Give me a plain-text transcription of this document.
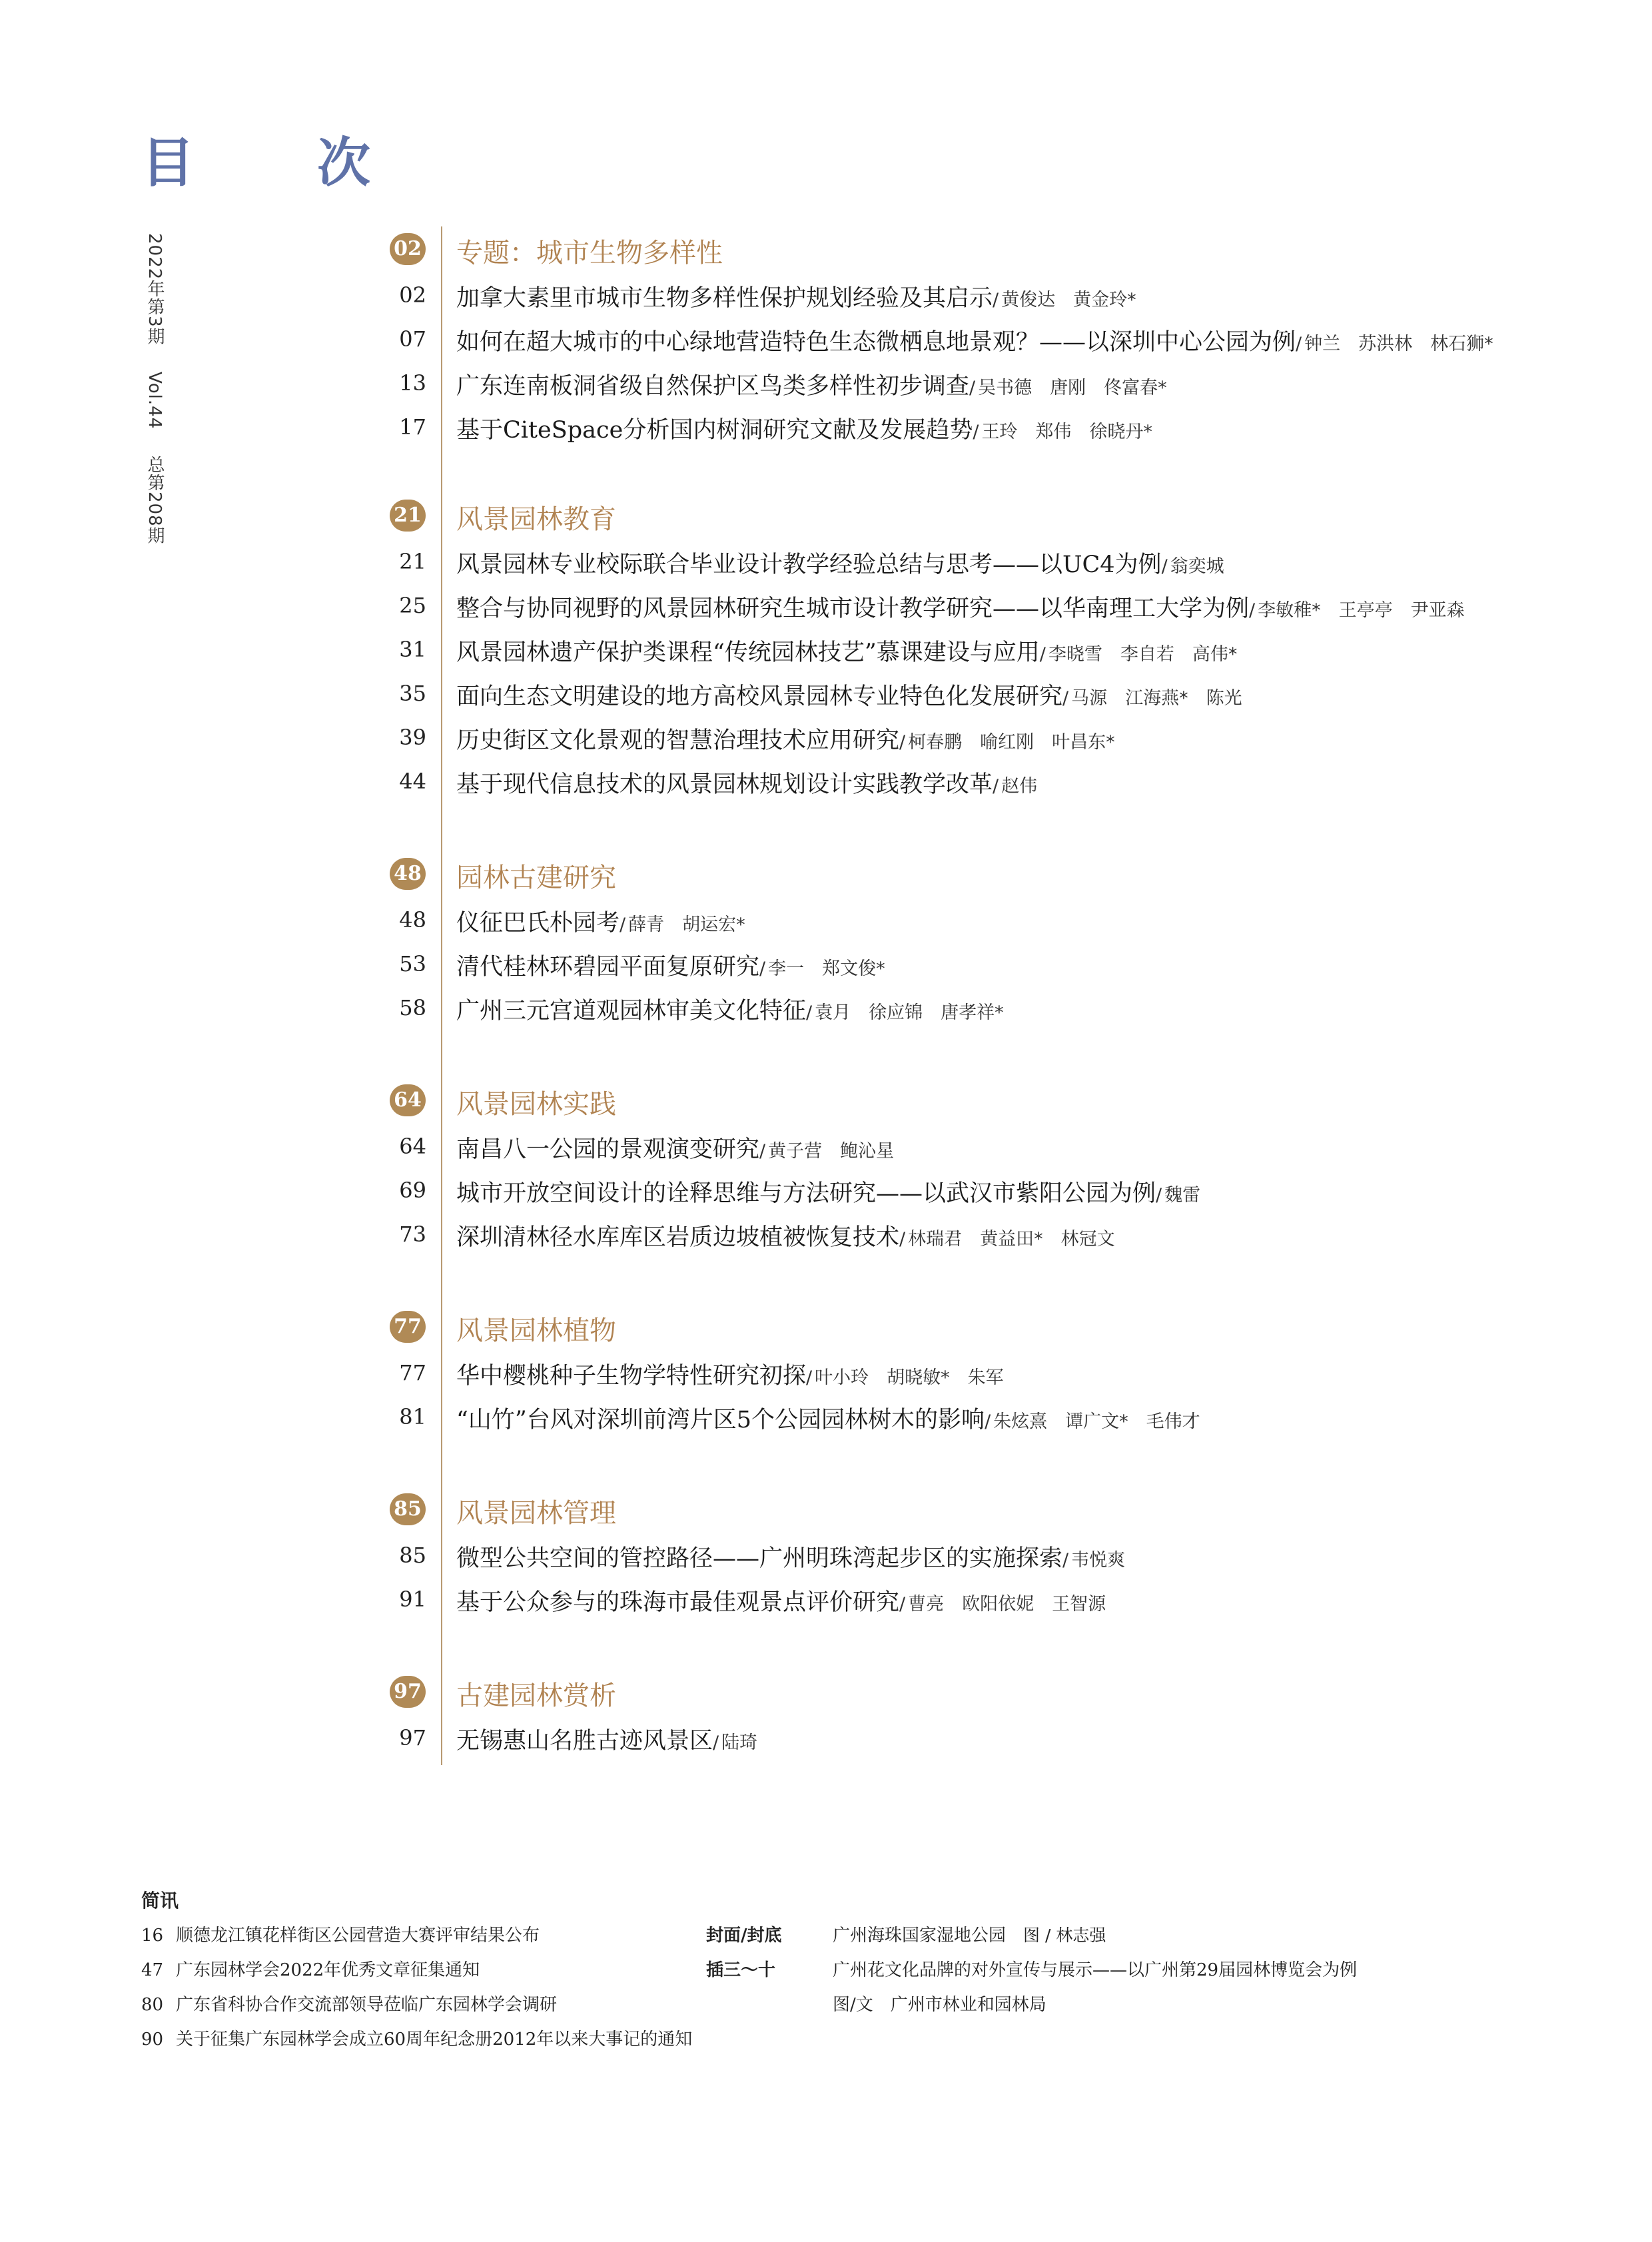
目　次
2022年第3期 Vol.44 总第208期
02 专题：城市生物多样性
02 加拿大素里市城市生物多样性保护规划经验及其启示 / 黄俊达　黄金玲*
07 如何在超大城市的中心绿地营造特色生态微栖息地景观？——以深圳中心公园为例 / 钟兰　苏洪林　林石狮*
13 广东连南板洞省级自然保护区鸟类多样性初步调查 / 吴书德　唐刚　佟富春*
17 基于CiteSpace分析国内树洞研究文献及发展趋势 / 王玲　郑伟　徐晓丹*
21 风景园林教育
21 风景园林专业校际联合毕业设计教学经验总结与思考——以UC4为例 / 翁奕城
25 整合与协同视野的风景园林研究生城市设计教学研究——以华南理工大学为例 / 李敏稚*　王亭亭　尹亚森
31 风景园林遗产保护类课程“传统园林技艺”慕课建设与应用 / 李晓雪　李自若　高伟*
35 面向生态文明建设的地方高校风景园林专业特色化发展研究 / 马源　江海燕*　陈光
39 历史街区文化景观的智慧治理技术应用研究 / 柯春鹏　喻红刚　叶昌东*
44 基于现代信息技术的风景园林规划设计实践教学改革 / 赵伟
48 园林古建研究
48 仪征巴氏朴园考 / 薛青　胡运宏*
53 清代桂林环碧园平面复原研究 / 李一　郑文俊*
58 广州三元宫道观园林审美文化特征 / 袁月　徐应锦　唐孝祥*
64 风景园林实践
64 南昌八一公园的景观演变研究 / 黄子营　鲍沁星
69 城市开放空间设计的诠释思维与方法研究——以武汉市紫阳公园为例 / 魏雷
73 深圳清林径水库库区岩质边坡植被恢复技术 / 林瑞君　黄益田*　林冠文
77 风景园林植物
77 华中樱桃种子生物学特性研究初探 / 叶小玲　胡晓敏*　朱军
81 “山竹”台风对深圳前湾片区5个公园园林树木的影响 / 朱炫熹　谭广文*　毛伟才
85 风景园林管理
85 微型公共空间的管控路径——广州明珠湾起步区的实施探索 / 韦悦爽
91 基于公众参与的珠海市最佳观景点评价研究 / 曹亮　欧阳依妮　王智源
97 古建园林赏析
97 无锡惠山名胜古迹风景区 / 陆琦
简讯
16 顺德龙江镇花样街区公园营造大赛评审结果公布
47 广东园林学会2022年优秀文章征集通知
80 广东省科协合作交流部领导莅临广东园林学会调研
90 关于征集广东园林学会成立60周年纪念册2012年以来大事记的通知
封面/封底	广州海珠国家湿地公园 图 / 林志强
插三～十	广州花文化品牌的对外宣传与展示——以广州第29届园林博览会为例
图/文　广州市林业和园林局
